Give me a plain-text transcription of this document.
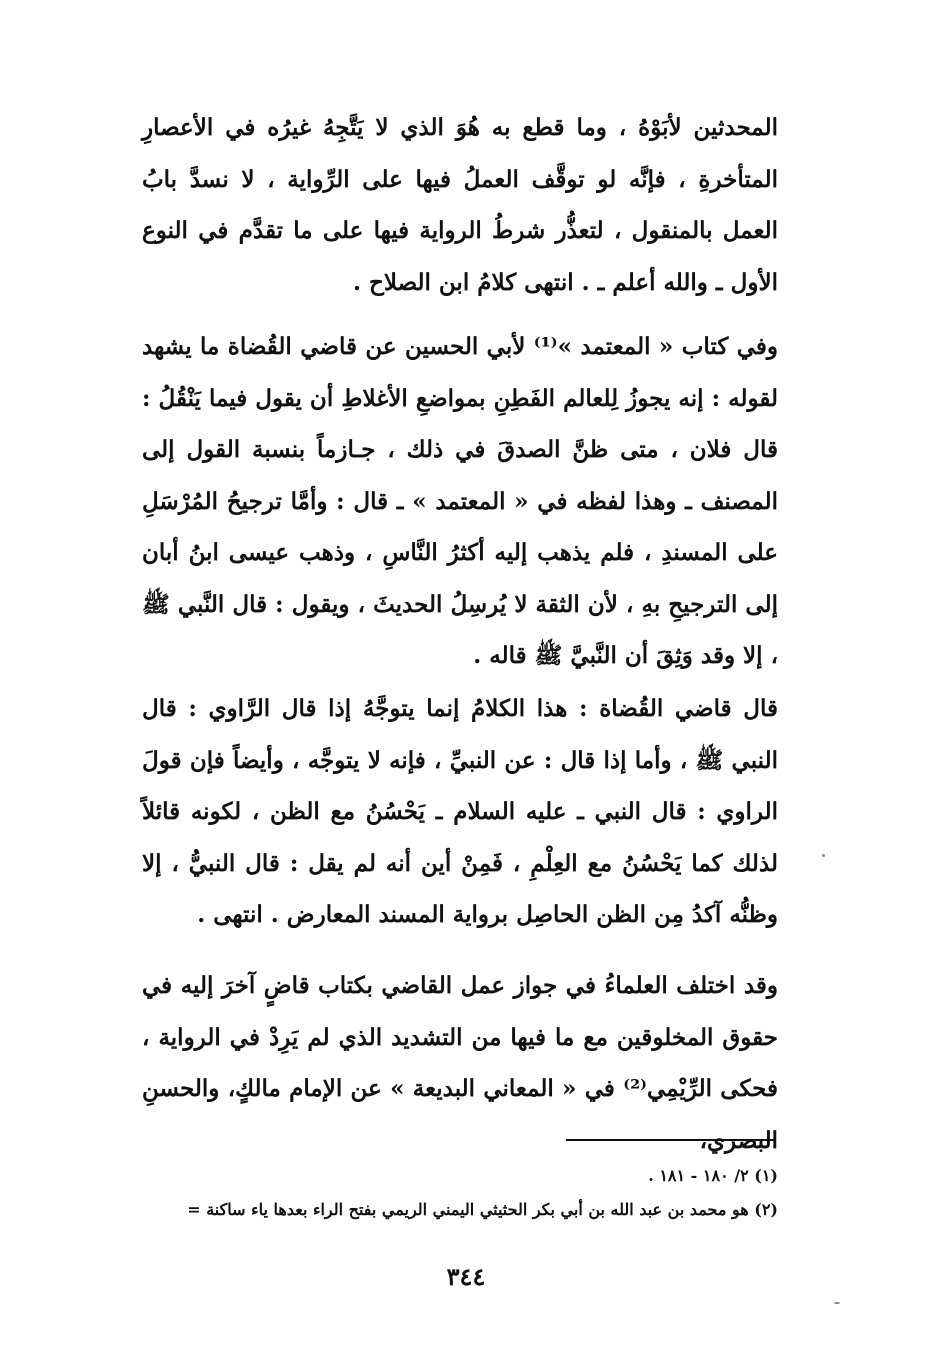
المحدثين لأبَوْهُ ، وما قطع به هُوَ الذي لا يَتَّجِهُ غيرُه في الأعصارِ المتأخرةِ ، فإنَّه لو توقَّف العملُ فيها على الرِّواية ، لا نسدَّ بابُ العمل بالمنقول ، لتعذُّر شرطُ الرواية فيها على ما تقدَّم في النوع الأول ـ والله أعلم ـ . انتهى كلامُ ابن الصلاح .

وفي كتاب « المعتمد »⁽¹⁾ لأبي الحسين عن قاضي القُضاة ما يشهد لقوله : إنه يجوزُ لِلعالم الفَطِنِ بمواضعِ الأغلاطِ أن يقول فيما يَنْقُلُ : قال فلان ، متى ظنَّ الصدقَ في ذلك ، جـازماً بنسبة القول إلى المصنف ـ وهذا لفظه في « المعتمد » ـ قال : وأمَّا ترجيحُ المُرْسَلِ على المسندِ ، فلم يذهب إليه أكثرُ النَّاسِ ، وذهب عيسى ابنُ أبان إلى الترجيحِ بهِ ، لأن الثقة لا يُرسِلُ الحديثَ ، ويقول : قال النَّبي ﷺ ، إلا وقد وَثِقَ أن النَّبيَّ ﷺ قاله .

قال قاضي القُضاة : هذا الكلامُ إنما يتوجَّهُ إذا قال الرَّاوي : قال النبي ﷺ ، وأما إذا قال : عن النبيِّ ، فإنه لا يتوجَّه ، وأيضاً فإن قولَ الراوي : قال النبي ـ عليه السلام ـ يَحْسُنُ مع الظن ، لكونه قائلاً لذلك كما يَحْسُنُ مع العِلْمِ ، فَمِنْ أين أنه لم يقل : قال النبيُّ ، إلا وظنُّه آكدُ مِن الظن الحاصِل برواية المسند المعارض . انتهى .

وقد اختلف العلماءُ في جواز عمل القاضي بكتاب قاضٍ آخرَ إليه في حقوق المخلوقين مع ما فيها من التشديد الذي لم يَرِدْ في الرواية ، فحكى الرِّيْمِي⁽²⁾ في « المعاني البديعة » عن الإمام مالكٍ، والحسنِ البصري،

(١) ٢/ ١٨٠ - ١٨١ .

(٢) هو محمد بن عبد الله بن أبي بكر الحثيثي اليمني الريمي بفتح الراء بعدها ياء ساكنة =

٣٤٤
